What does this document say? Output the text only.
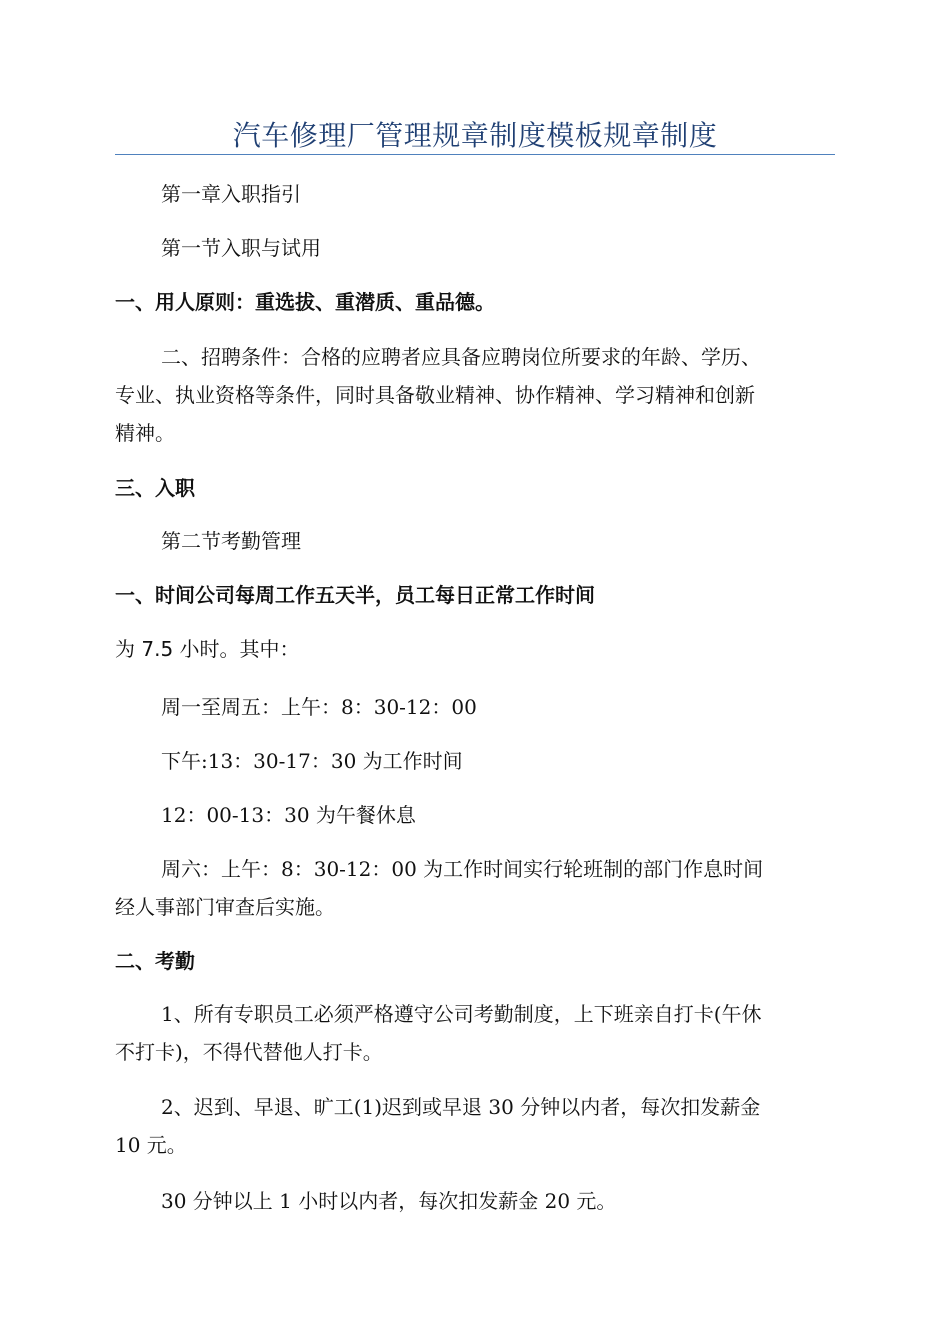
汽车修理厂管理规章制度模板规章制度
第一章入职指引
第一节入职与试用
一、用人原则：重选拔、重潜质、重品德。
二、招聘条件：合格的应聘者应具备应聘岗位所要求的年龄、学历、
专业、执业资格等条件，同时具备敬业精神、协作精神、学习精神和创新
精神。
三、入职
第二节考勤管理
一、时间公司每周工作五天半，员工每日正常工作时间
为 7.5 小时。其中：
周一至周五：上午：8：30-12：00
下午:13：30-17：30 为工作时间
12：00-13：30 为午餐休息
周六：上午：8：30-12：00 为工作时间实行轮班制的部门作息时间
经人事部门审查后实施。
二、考勤
1、所有专职员工必须严格遵守公司考勤制度，上下班亲自打卡(午休
不打卡)，不得代替他人打卡。
2、迟到、早退、旷工(1)迟到或早退 30 分钟以内者，每次扣发薪金
10 元。
30 分钟以上 1 小时以内者，每次扣发薪金 20 元。
